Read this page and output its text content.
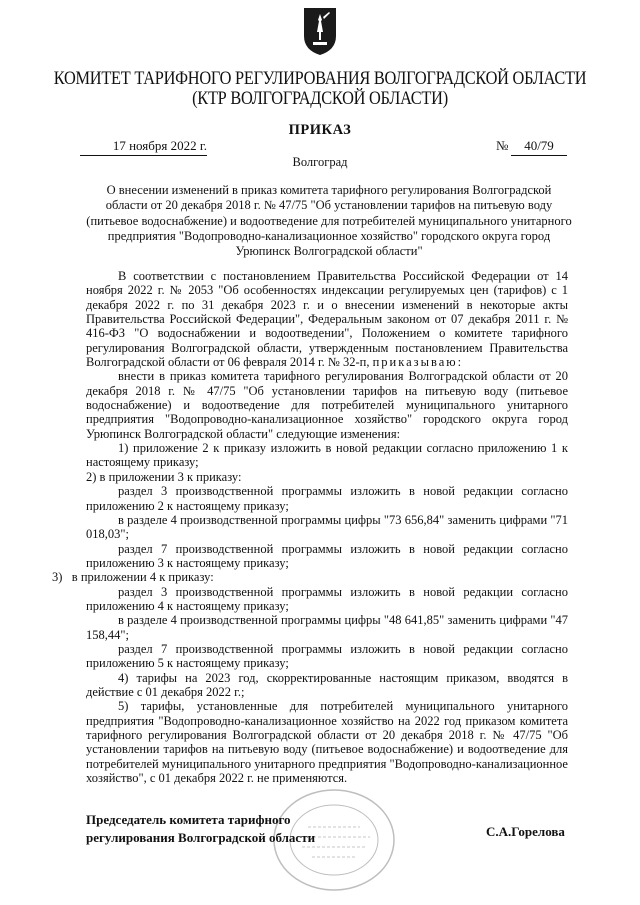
КОМИТЕТ ТАРИФНОГО РЕГУЛИРОВАНИЯ ВОЛГОГРАДСКОЙ ОБЛАСТИ
(КТР ВОЛГОГРАДСКОЙ ОБЛАСТИ)
ПРИКАЗ
17 ноября 2022 г.	№	40/79
Волгоград
О внесении изменений в приказ комитета тарифного регулирования Волгоградской области от 20 декабря 2018 г. № 47/75 "Об установлении тарифов на питьевую воду (питьевое водоснабжение) и водоотведение для потребителей муниципального унитарного предприятия "Водопроводно-канализационное хозяйство" городского округа город Урюпинск Волгоградской области"

В соответствии с постановлением Правительства Российской Федерации от 14 ноября 2022 г. № 2053 "Об особенностях индексации регулируемых цен (тарифов) с 1 декабря 2022 г. по 31 декабря 2023 г. и о внесении изменений в некоторые акты Правительства Российской Федерации", Федеральным законом от 07 декабря 2011 г. № 416-ФЗ "О водоснабжении и водоотведении", Положением о комитете тарифного регулирования Волгоградской области, утвержденным постановлением Правительства Волгоградской области от 06 февраля 2014 г. № 32-п, приказываю:

внести в приказ комитета тарифного регулирования Волгоградской области от 20 декабря 2018 г. № 47/75 "Об установлении тарифов на питьевую воду (питьевое водоснабжение) и водоотведение для потребителей муниципального унитарного предприятия "Водопроводно-канализационное хозяйство" городского округа город Урюпинск Волгоградской области" следующие изменения:

1) приложение 2 к приказу изложить в новой редакции согласно приложению 1 к настоящему приказу;

2) в приложении 3 к приказу:

раздел 3 производственной программы изложить в новой редакции согласно приложению 2 к настоящему приказу;

в разделе 4 производственной программы цифры "73 656,84" заменить цифрами "71 018,03";

раздел 7 производственной программы изложить в новой редакции согласно приложению 3 к настоящему приказу;

3)   в приложении 4 к приказу:

раздел 3 производственной программы изложить в новой редакции согласно приложению 4 к настоящему приказу;

в разделе 4 производственной программы цифры "48 641,85" заменить цифрами "47 158,44";

раздел 7 производственной программы изложить в новой редакции согласно приложению 5 к настоящему приказу;

4) тарифы на 2023 год, скорректированные настоящим приказом, вводятся в действие с 01 декабря 2022 г.;

5) тарифы, установленные для потребителей муниципального унитарного предприятия "Водопроводно-канализационное хозяйство на 2022 год приказом комитета тарифного регулирования Волгоградской области от 20 декабря 2018 г. № 47/75 "Об установлении тарифов на питьевую воду (питьевое водоснабжение) и водоотведение для потребителей муниципального унитарного предприятия "Водопроводно-канализационное хозяйство", с 01 декабря 2022 г. не применяются.

Председатель комитета тарифного
регулирования Волгоградской области	С.А.Горелова
